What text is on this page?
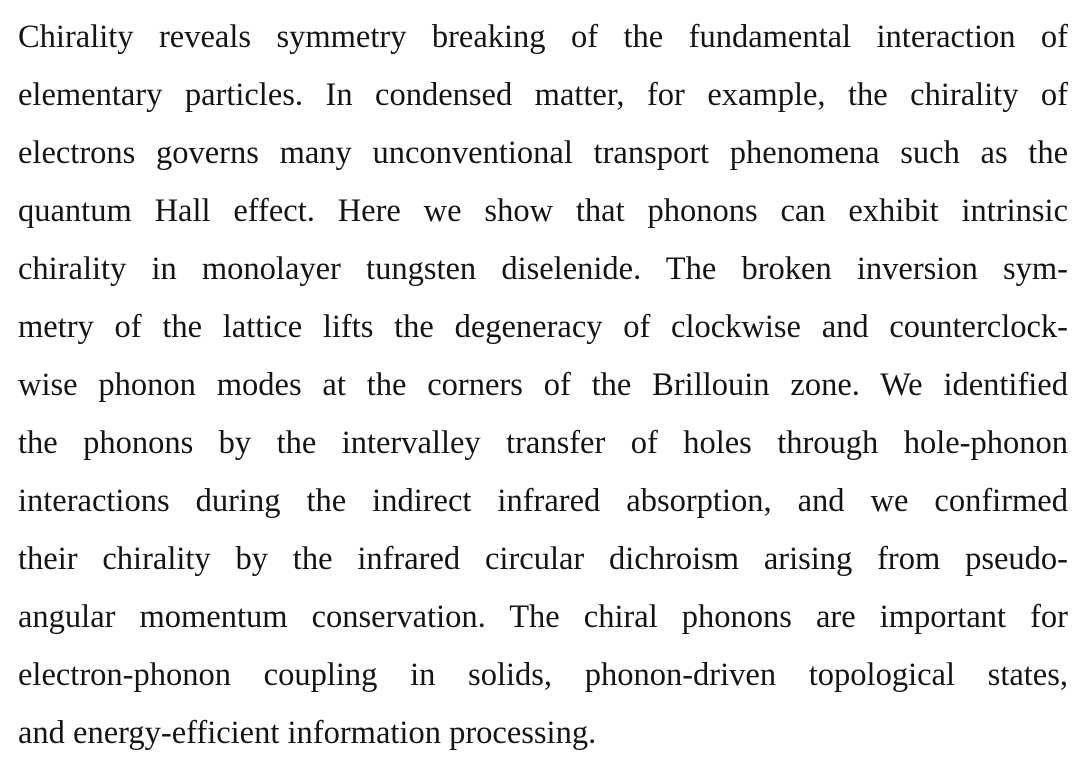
Chirality reveals symmetry breaking of the fundamental interaction of
elementary particles. In condensed matter, for example, the chirality of
electrons governs many unconventional transport phenomena such as the
quantum Hall effect. Here we show that phonons can exhibit intrinsic
chirality in monolayer tungsten diselenide. The broken inversion sym-
metry of the lattice lifts the degeneracy of clockwise and counterclock-
wise phonon modes at the corners of the Brillouin zone. We identified
the phonons by the intervalley transfer of holes through hole-phonon
interactions during the indirect infrared absorption, and we confirmed
their chirality by the infrared circular dichroism arising from pseudo-
angular momentum conservation. The chiral phonons are important for
electron-phonon coupling in solids, phonon-driven topological states,
and energy-efficient information processing.
